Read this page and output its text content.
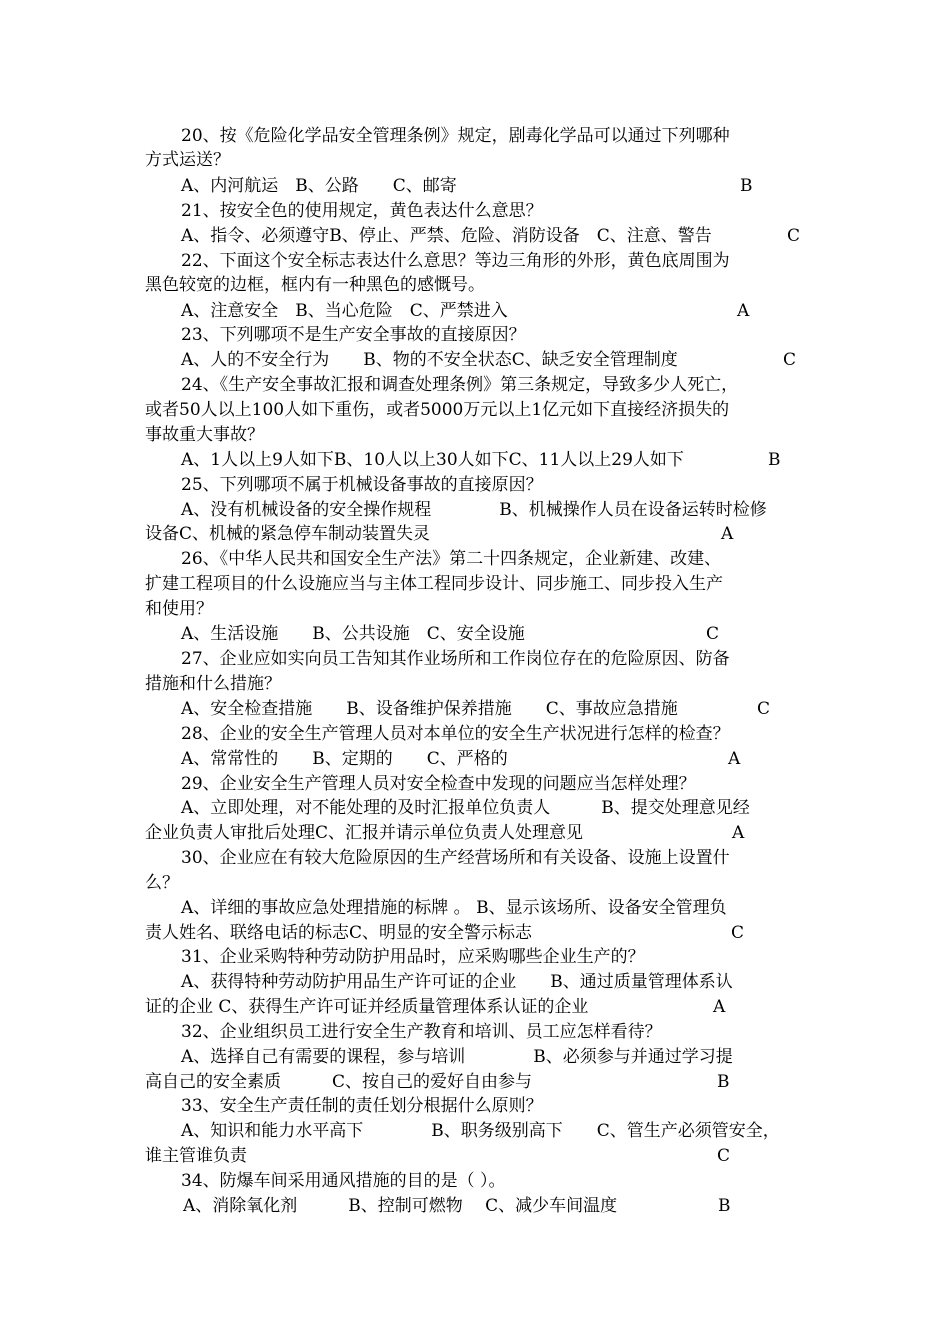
20、按《危险化学品安全管理条例》规定，剧毒化学品可以通过下列哪种
方式运送？
A、内河航运　B、公路　　C、邮寄	B
21、按安全色的使用规定，黄色表达什么意思？
A、指令、必须遵守B、停止、严禁、危险、消防设备　C、注意、警告	C
22、下面这个安全标志表达什么意思？等边三角形的外形，黄色底周围为
黑色较宽的边框，框内有一种黑色的感慨号。
A、注意安全　B、当心危险　C、严禁进入	A
23、下列哪项不是生产安全事故的直接原因？
A、人的不安全行为　　B、物的不安全状态C、缺乏安全管理制度	C
24、《生产安全事故汇报和调查处理条例》第三条规定，导致多少人死亡，
或者50人以上100人如下重伤，或者5000万元以上1亿元如下直接经济损失的
事故重大事故？
A、1人以上9人如下B、10人以上30人如下C、11人以上29人如下	B
25、下列哪项不属于机械设备事故的直接原因？
A、没有机械设备的安全操作规程　　　　B、机械操作人员在设备运转时检修
设备C、机械的紧急停车制动装置失灵	A
26、《中华人民共和国安全生产法》第二十四条规定，企业新建、改建、
扩建工程项目的什么设施应当与主体工程同步设计、同步施工、同步投入生产
和使用？
A、生活设施　　B、公共设施　C、安全设施	C
27、企业应如实向员工告知其作业场所和工作岗位存在的危险原因、防备
措施和什么措施？
A、安全检查措施　　B、设备维护保养措施　　C、事故应急措施	C
28、企业的安全生产管理人员对本单位的安全生产状况进行怎样的检查？
A、常常性的　　B、定期的　　C、严格的	A
29、企业安全生产管理人员对安全检查中发现的问题应当怎样处理？
A、立即处理，对不能处理的及时汇报单位负责人　　　B、提交处理意见经
企业负责人审批后处理C、汇报并请示单位负责人处理意见	A
30、企业应在有较大危险原因的生产经营场所和有关设备、设施上设置什
么？
A、详细的事故应急处理措施的标牌 。 B、显示该场所、设备安全管理负
责人姓名、联络电话的标志C、明显的安全警示标志	C
31、企业采购特种劳动防护用品时，应采购哪些企业生产的？
A、获得特种劳动防护用品生产许可证的企业　　B、通过质量管理体系认
证的企业 C、获得生产许可证并经质量管理体系认证的企业	A
32、企业组织员工进行安全生产教育和培训、员工应怎样看待？
A、选择自己有需要的课程，参与培训　　　　B、必须参与并通过学习提
高自己的安全素质　　　C、按自己的爱好自由参与	B
33、安全生产责任制的责任划分根据什么原则？
A、知识和能力水平高下　　　　B、职务级别高下　　C、管生产必须管安全，
谁主管谁负责	C
34、防爆车间采用通风措施的目的是（ ）。
A、消除氧化剂　　　B、控制可燃物　 C、减少车间温度	B
